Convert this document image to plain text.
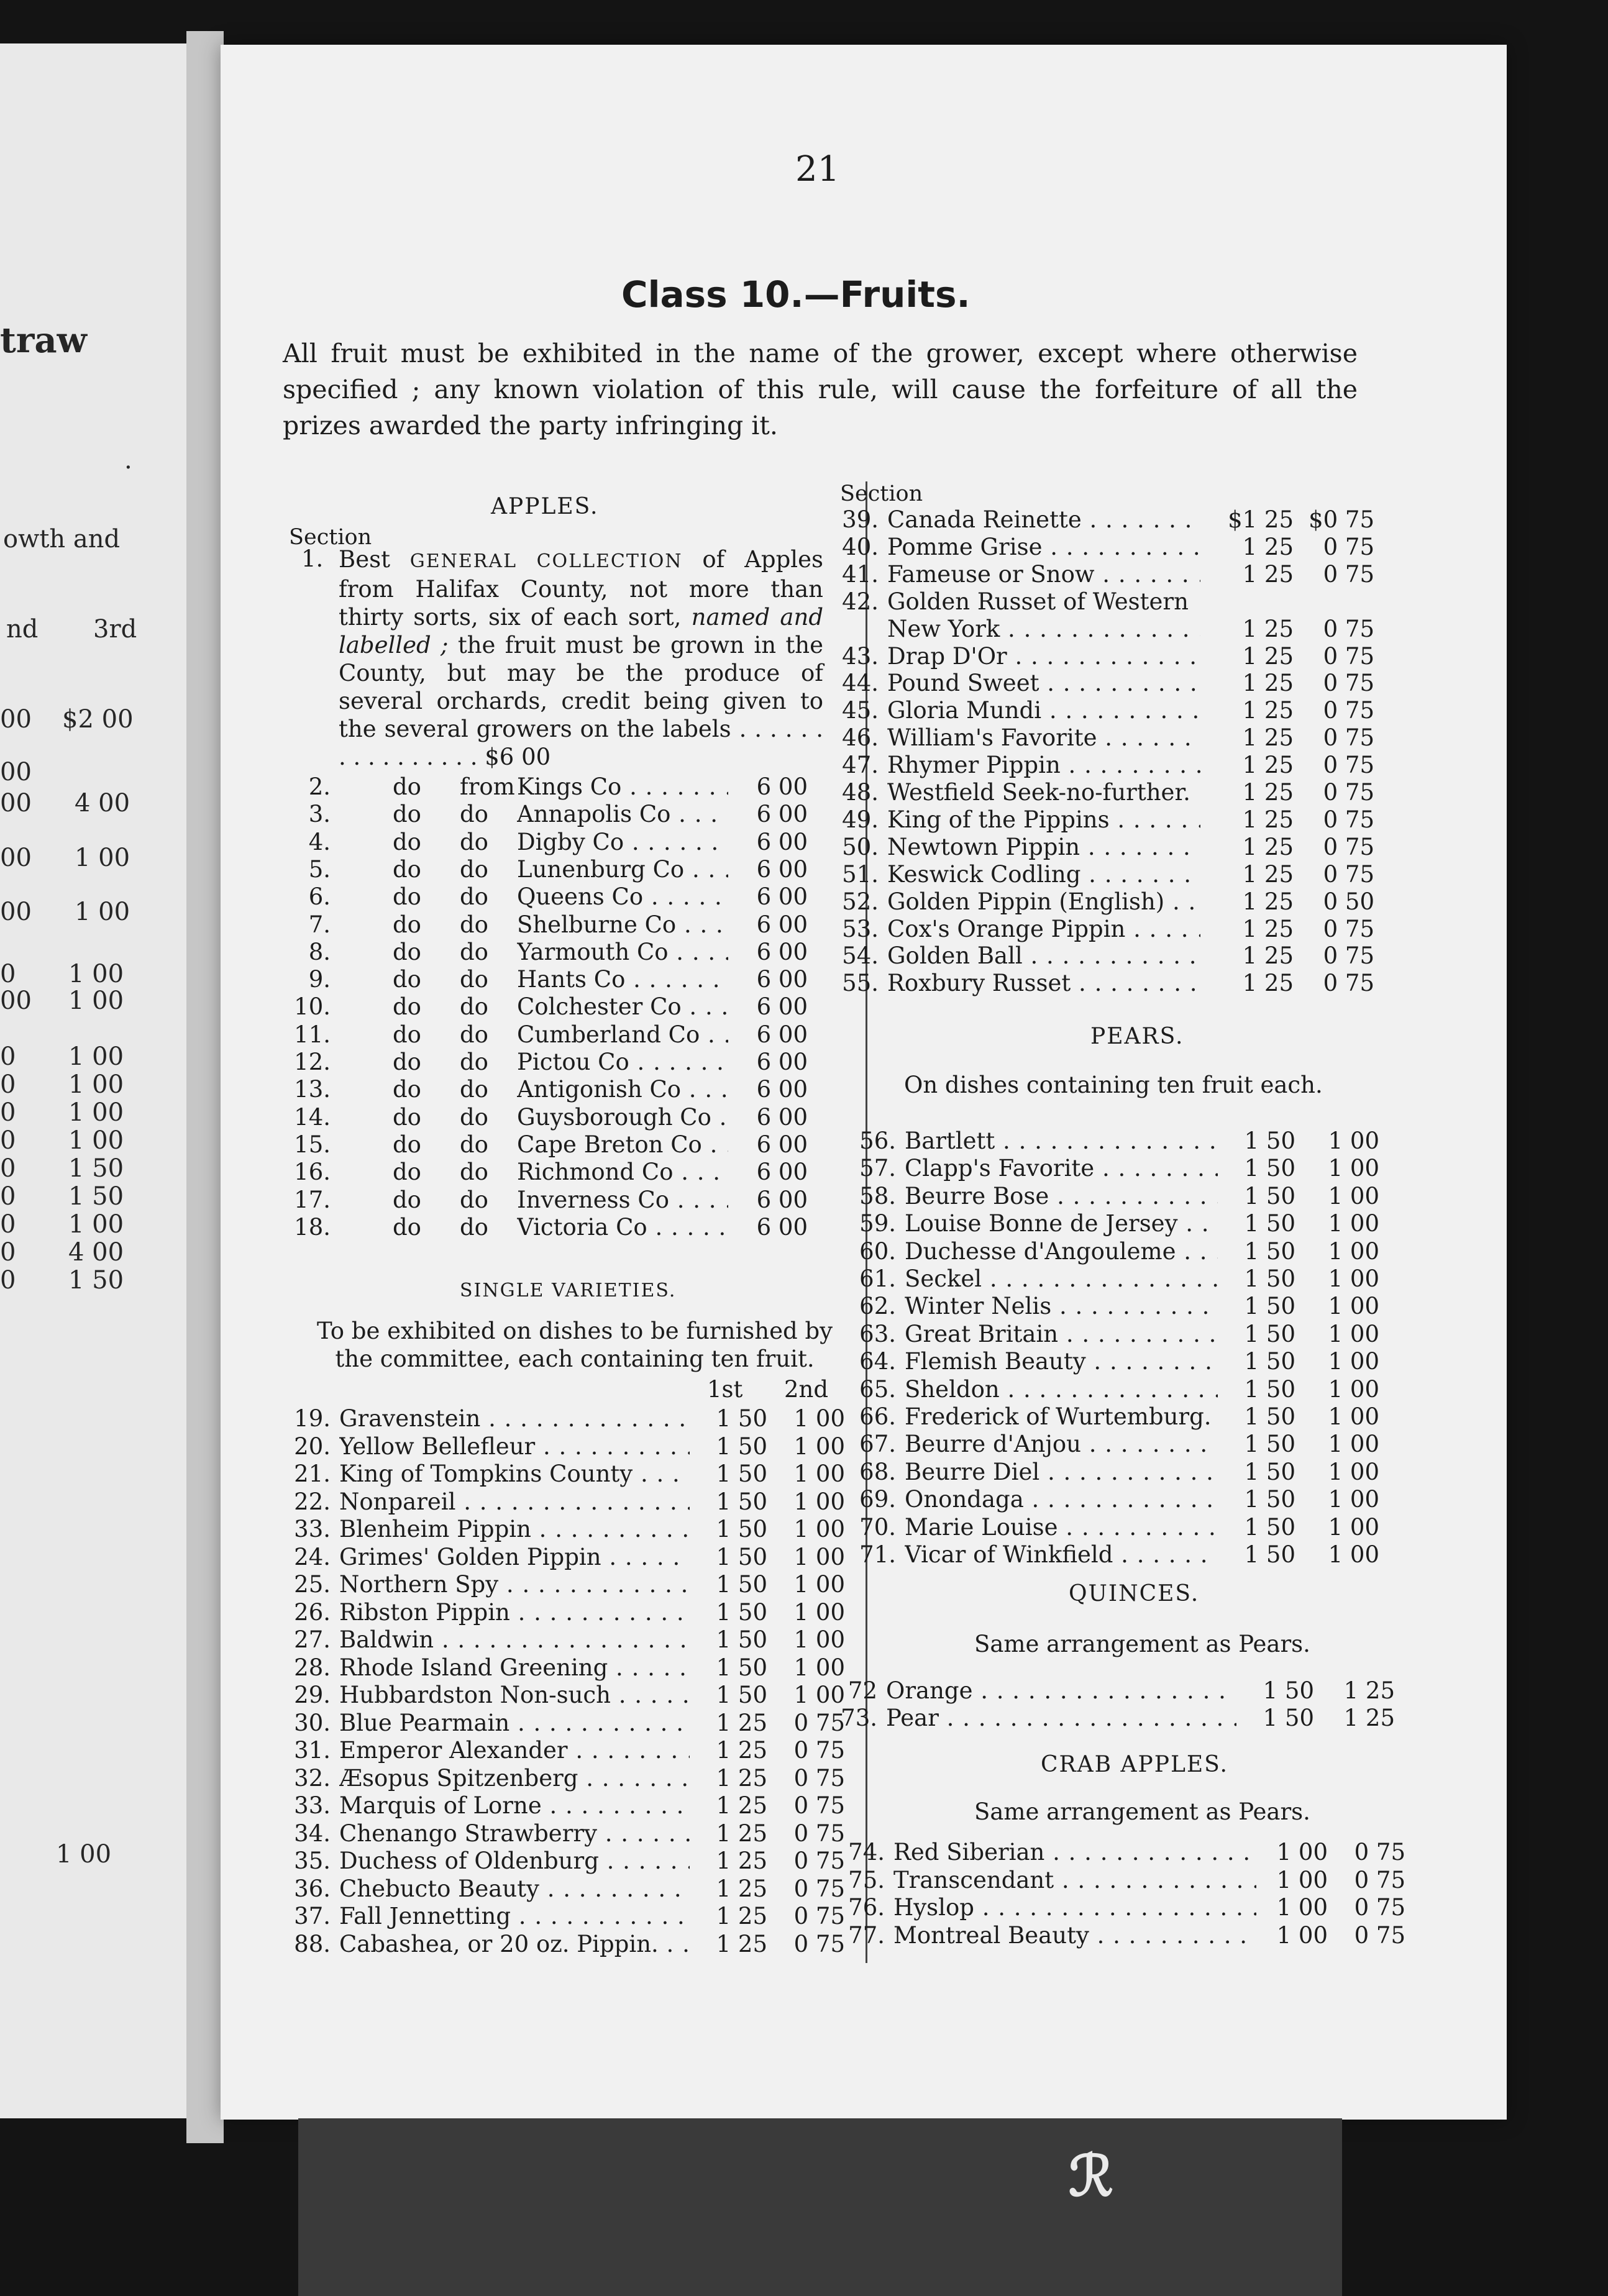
traw
.
owth and
nd 3rd
00 $2 00
00
00 4 00
00 1 00
00 1 00
0 1 00
00 1 00
0 1 00
0 1 00
0 1 00
0 1 00
0 1 50
0 1 50
0 1 00
0 4 00
0 1 50
1 00
ℛ
21
Class 10.—Fruits.
All fruit must be exhibited in the name of the grower, except where otherwise specified ; any known violation of this rule, will cause the forfeiture of all the prizes awarded the party infringing it.
APPLES.
Section
1. Best GENERAL COLLECTION of Apples from Halifax County, not more than thirty sorts, six of each sort, named and labelled ; the fruit must be grown in the County, but may be the produce of several orchards, credit being given to the several growers on the labels . . . . . . . . . . . . . . . . $6 00
2.	do from Kings Co . . .	6 00
3.	do do Annapolis Co . . .	6 00
4.	do do Digby Co . . .	6 00
5.	do do Lunenburg Co . . .	6 00
6.	do do Queens Co . . .	6 00
7.	do do Shelburne Co . . .	6 00
8.	do do Yarmouth Co . . .	6 00
9.	do do Hants Co . . .	6 00
10.	do do Colchester Co . . .	6 00
11.	do do Cumberland Co . . .	6 00
12.	do do Pictou Co . . .	6 00
13.	do do Antigonish Co . . .	6 00
14.	do do Guysborough Co . . .	6 00
15.	do do Cape Breton Co . . .	6 00
16.	do do Richmond Co . . .	6 00
17.	do do Inverness Co . . .	6 00
18.	do do Victoria Co . . .	6 00
SINGLE VARIETIES.
To be exhibited on dishes to be furnished by the committee, each containing ten fruit.
1st 2nd
19. Gravenstein . . .	1 50	1 00
20. Yellow Bellefleur . . .	1 50	1 00
21. King of Tompkins County . . .	1 50	1 00
22. Nonpareil . . .	1 50	1 00
33. Blenheim Pippin . . .	1 50	1 00
24. Grimes' Golden Pippin . . .	1 50	1 00
25. Northern Spy . . .	1 50	1 00
26. Ribston Pippin . . .	1 50	1 00
27. Baldwin . . .	1 50	1 00
28. Rhode Island Greening . . .	1 50	1 00
29. Hubbardston Non-such . . .	1 50	1 00
30. Blue Pearmain . . .	1 25	0 75
31. Emperor Alexander . . .	1 25	0 75
32. Æsopus Spitzenberg . . .	1 25	0 75
33. Marquis of Lorne . . .	1 25	0 75
34. Chenango Strawberry . . .	1 25	0 75
35. Duchess of Oldenburg . . .	1 25	0 75
36. Chebucto Beauty . . .	1 25	0 75
37. Fall Jennetting . . .	1 25	0 75
88. Cabashea, or 20 oz. Pippin. . . .	1 25	0 75
Section
39. Canada Reinette . . .	$1 25 $0 75
40. Pomme Grise . . .	1 25	0 75
41. Fameuse or Snow . . .	1 25	0 75
42. Golden Russet of Western
New York . . .	1 25	0 75
43. Drap D'Or . . .	1 25	0 75
44. Pound Sweet . . .	1 25	0 75
45. Gloria Mundi . . .	1 25	0 75
46. William's Favorite . . .	1 25	0 75
47. Rhymer Pippin . . .	1 25	0 75
48. Westfield Seek-no-further. . . .	1 25	0 75
49. King of the Pippins . . .	1 25	0 75
50. Newtown Pippin . . .	1 25	0 75
51. Keswick Codling . . .	1 25	0 75
52. Golden Pippin (English) . . .	1 25	0 50
53. Cox's Orange Pippin . . .	1 25	0 75
54. Golden Ball . . .	1 25	0 75
55. Roxbury Russet . . .	1 25	0 75
PEARS.
On dishes containing ten fruit each.
56. Bartlett . . .	1 50	1 00
57. Clapp's Favorite . . .	1 50	1 00
58. Beurre Bose . . .	1 50	1 00
59. Louise Bonne de Jersey . . .	1 50	1 00
60. Duchesse d'Angouleme . . .	1 50	1 00
61. Seckel . . .	1 50	1 00
62. Winter Nelis . . .	1 50	1 00
63. Great Britain . . .	1 50	1 00
64. Flemish Beauty . . .	1 50	1 00
65. Sheldon . . .	1 50	1 00
66. Frederick of Wurtemburg. . . .	1 50	1 00
67. Beurre d'Anjou . . .	1 50	1 00
68. Beurre Diel . . .	1 50	1 00
69. Onondaga . . .	1 50	1 00
70. Marie Louise . . .	1 50	1 00
71. Vicar of Winkfield . . .	1 50	1 00
QUINCES.
Same arrangement as Pears.
72 Orange . . .	1 50	1 25
73. Pear . . .	1 50	1 25
CRAB APPLES.
Same arrangement as Pears.
74. Red Siberian . . .	1 00	0 75
75. Transcendant . . .	1 00	0 75
76. Hyslop . . .	1 00	0 75
77. Montreal Beauty . . .	1 00	0 75
